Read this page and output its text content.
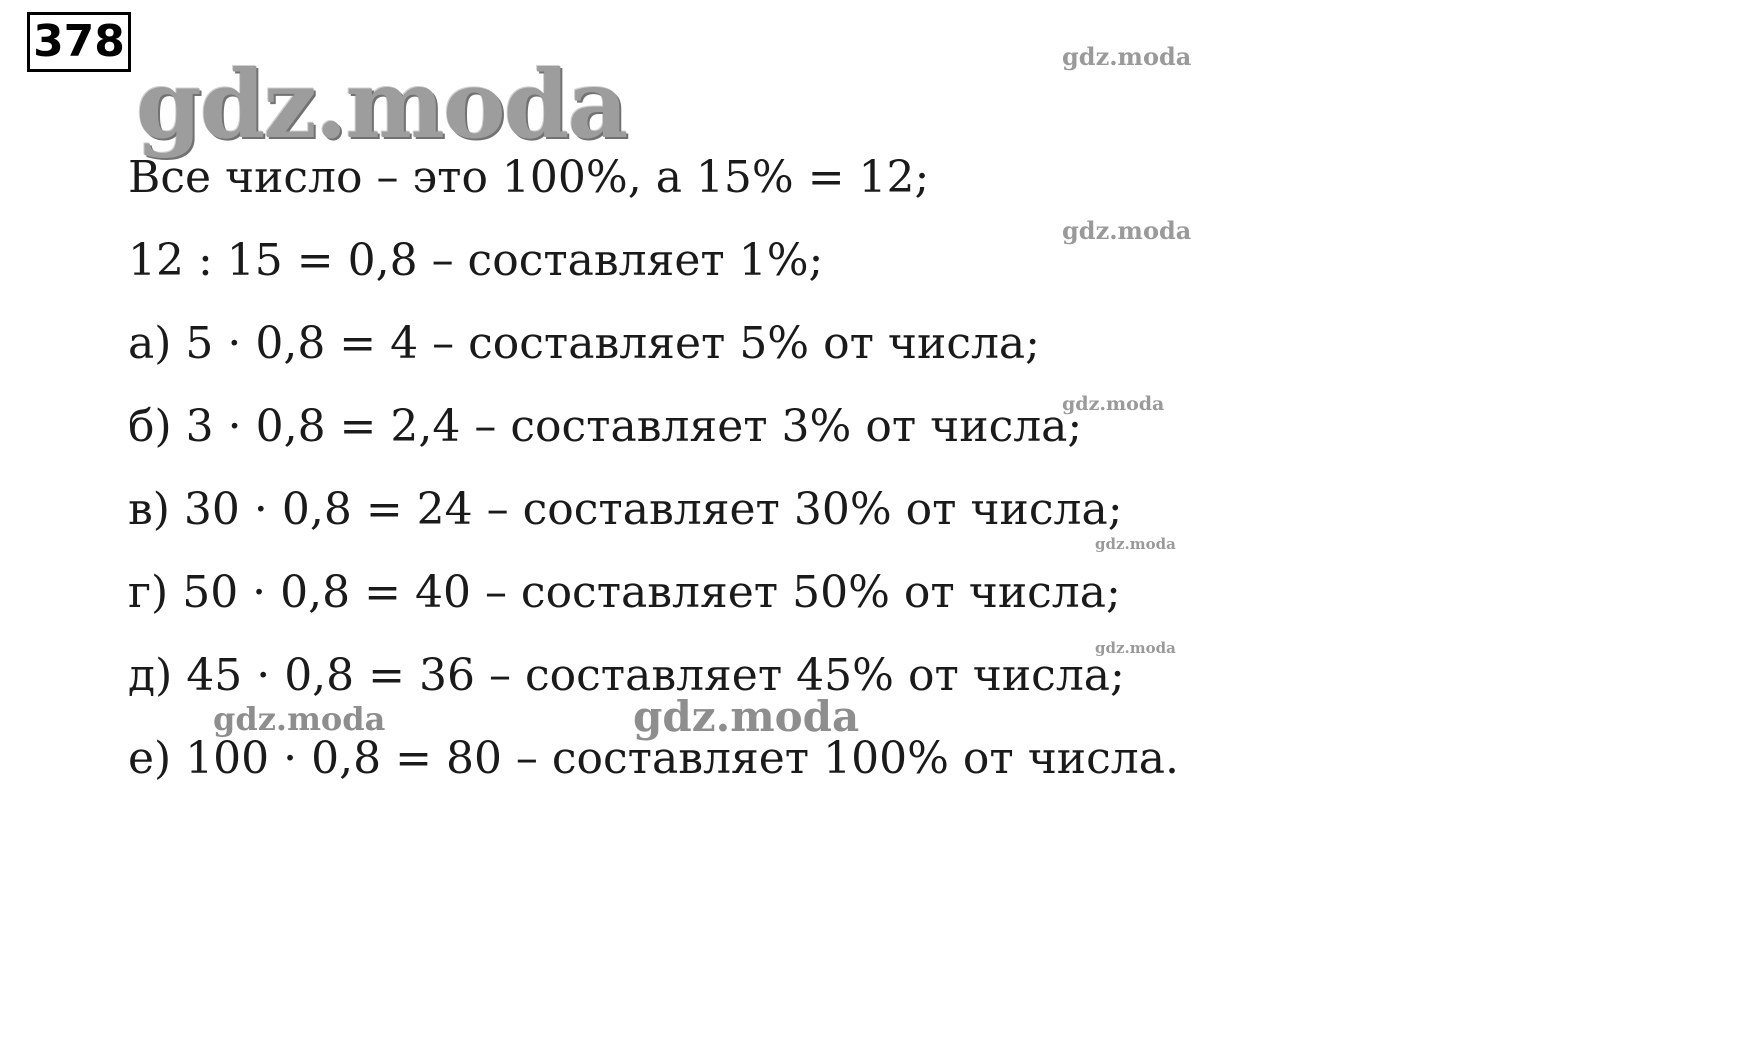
378
gdz.moda	gdz.moda
gdz.moda
gdz.moda
gdz.moda
gdz.moda
gdz.moda	gdz.moda
Все число – это 100%, а 15% = 12;
12 : 15 = 0,8 – составляет 1%;
а) 5 · 0,8 = 4 – составляет 5% от числа;
б) 3 · 0,8 = 2,4 – составляет 3% от числа;
в) 30 · 0,8 = 24 – составляет 30% от числа;
г) 50 · 0,8 = 40 – составляет 50% от числа;
д) 45 · 0,8 = 36 – составляет 45% от числа;
е) 100 · 0,8 = 80 – составляет 100% от числа.
